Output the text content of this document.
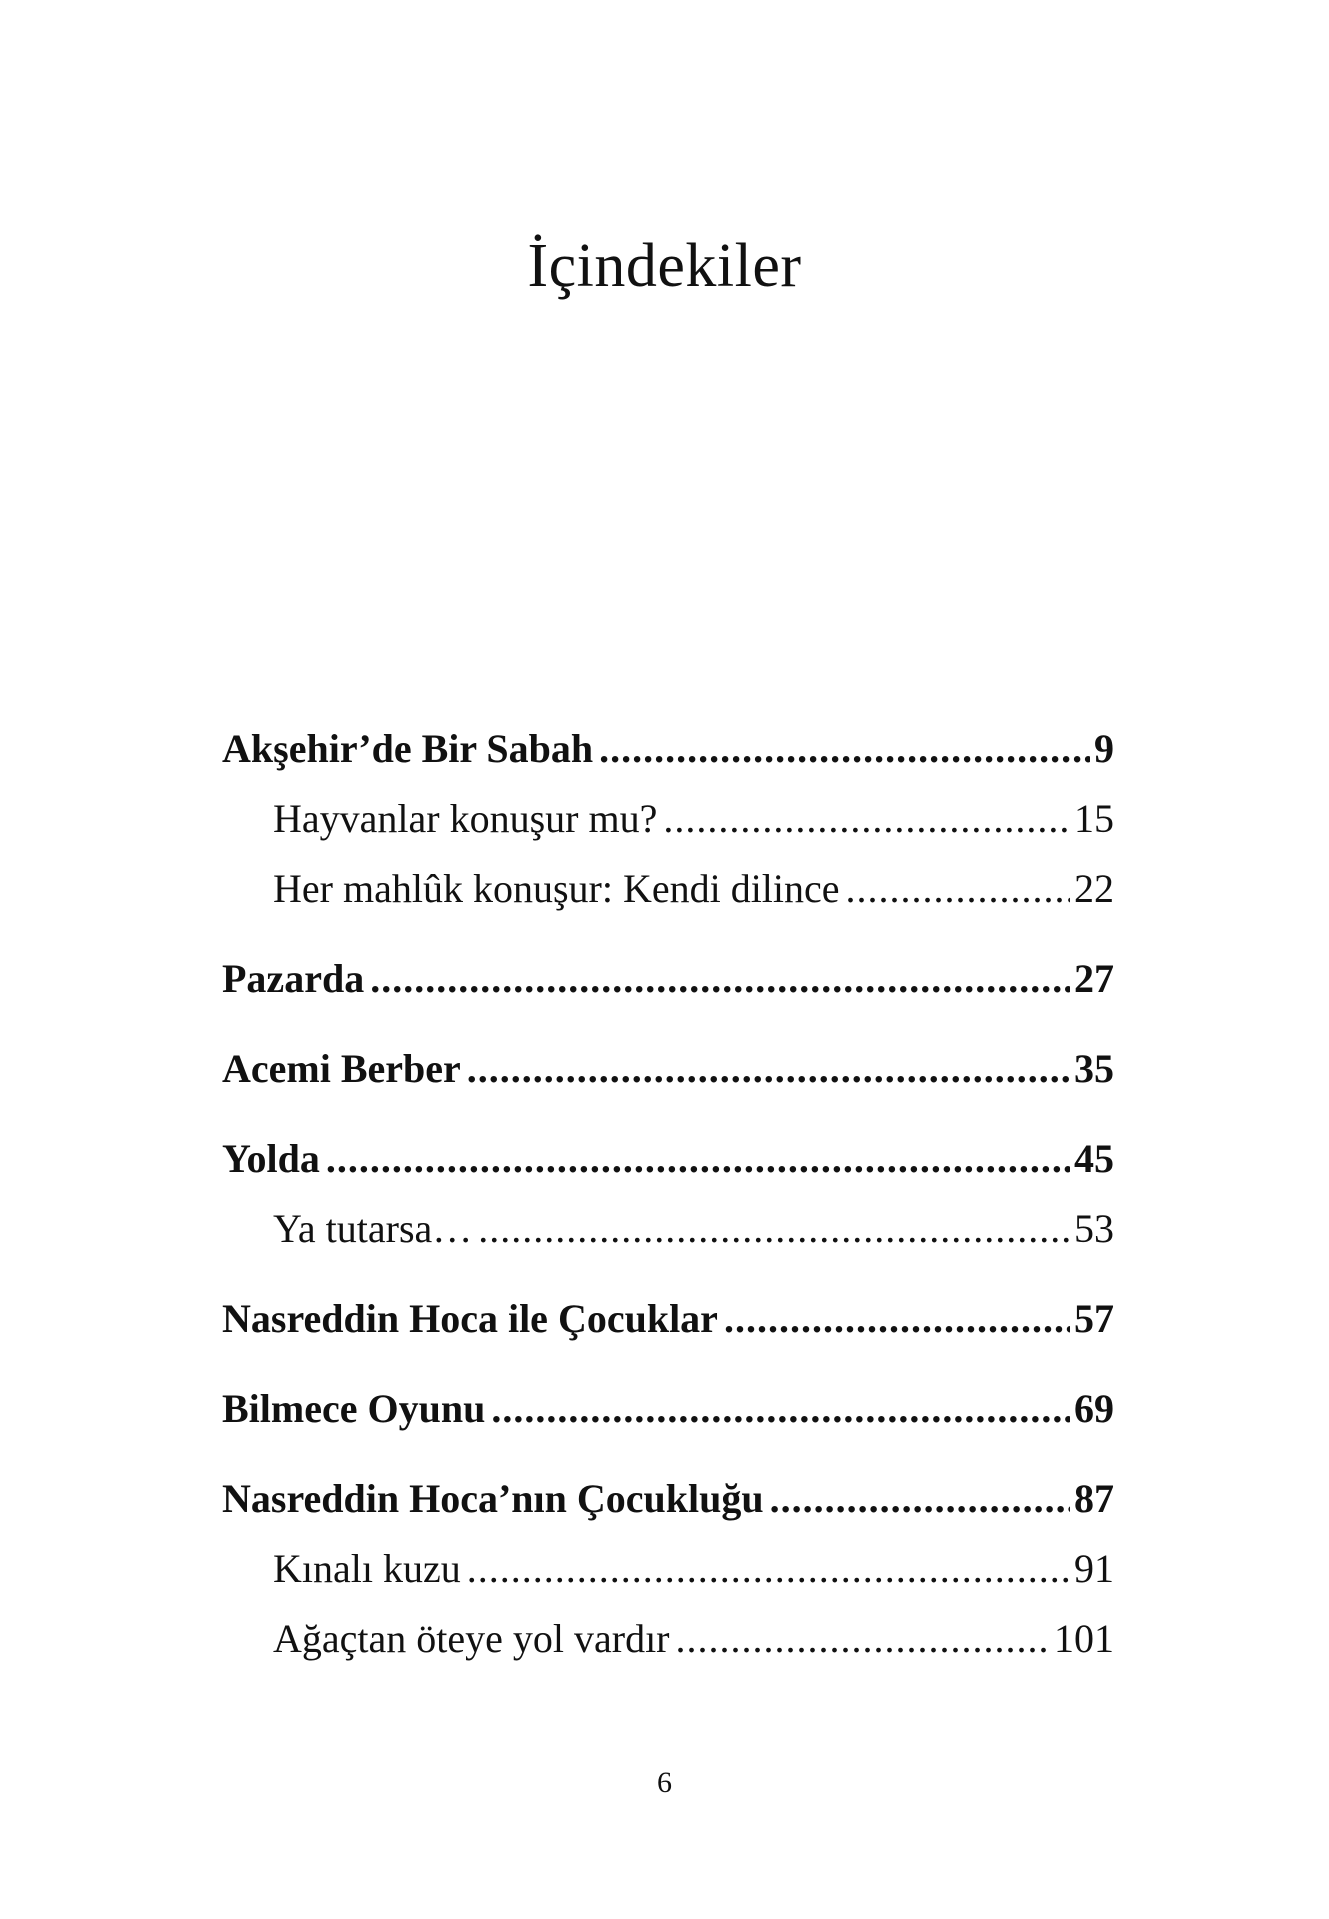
İçindekiler
Akşehir’de Bir Sabah .....	9
Hayvanlar konuşur mu? .....	15
Her mahlûk konuşur: Kendi dilince .....	22
Pazarda .....	27
Acemi Berber .....	35
Yolda .....	45
Ya tutarsa… .....	53
Nasreddin Hoca ile Çocuklar .....	57
Bilmece Oyunu .....	69
Nasreddin Hoca’nın Çocukluğu .....	87
Kınalı kuzu .....	91
Ağaçtan öteye yol vardır .....	101
6
